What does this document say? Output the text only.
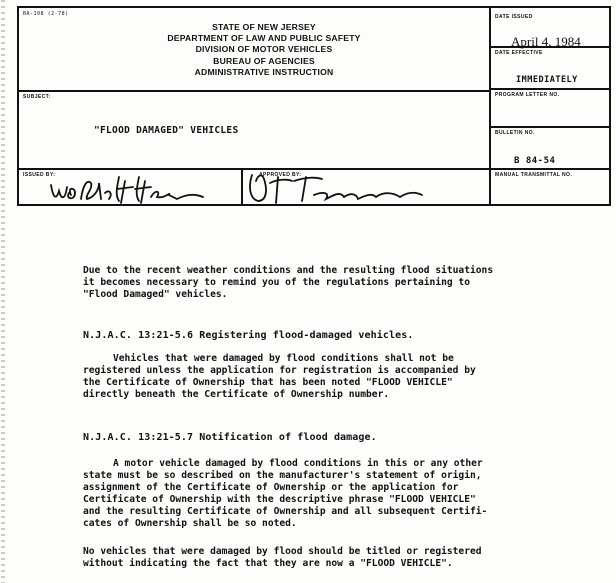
BA-108 (2-78)
STATE OF NEW JERSEY
DEPARTMENT OF LAW AND PUBLIC SAFETY
DIVISION OF MOTOR VEHICLES
BUREAU OF AGENCIES
ADMINISTRATIVE INSTRUCTION
DATE ISSUED
DATE EFFECTIVE
PROGRAM LETTER NO.
SUBJECT:
BULLETIN NO.
ISSUED BY:	APPROVED BY:	MANUAL TRANSMITTAL NO.
April 4, 1984
IMMEDIATELY
"FLOOD DAMAGED" VEHICLES
B 84-54

Due to the recent weather conditions and the resulting flood situations

it becomes necessary to remind you of the regulations pertaining to

"Flood Damaged" vehicles.

N.J.A.C. 13:21-5.6 Registering flood-damaged vehicles.

Vehicles that were damaged by flood conditions shall not be

registered unless the application for registration is accompanied by

the Certificate of Ownership that has been noted "FLOOD VEHICLE"

directly beneath the Certificate of Ownership number.

N.J.A.C. 13:21-5.7 Notification of flood damage.

A motor vehicle damaged by flood conditions in this or any other

state must be so described on the manufacturer's statement of origin,

assignment of the Certificate of Ownership or the application for

Certificate of Ownership with the descriptive phrase "FLOOD VEHICLE"

and the resulting Certificate of Ownership and all subsequent Certifi-

cates of Ownership shall be so noted.

No vehicles that were damaged by flood should be titled or registered

without indicating the fact that they are now a "FLOOD VEHICLE".
